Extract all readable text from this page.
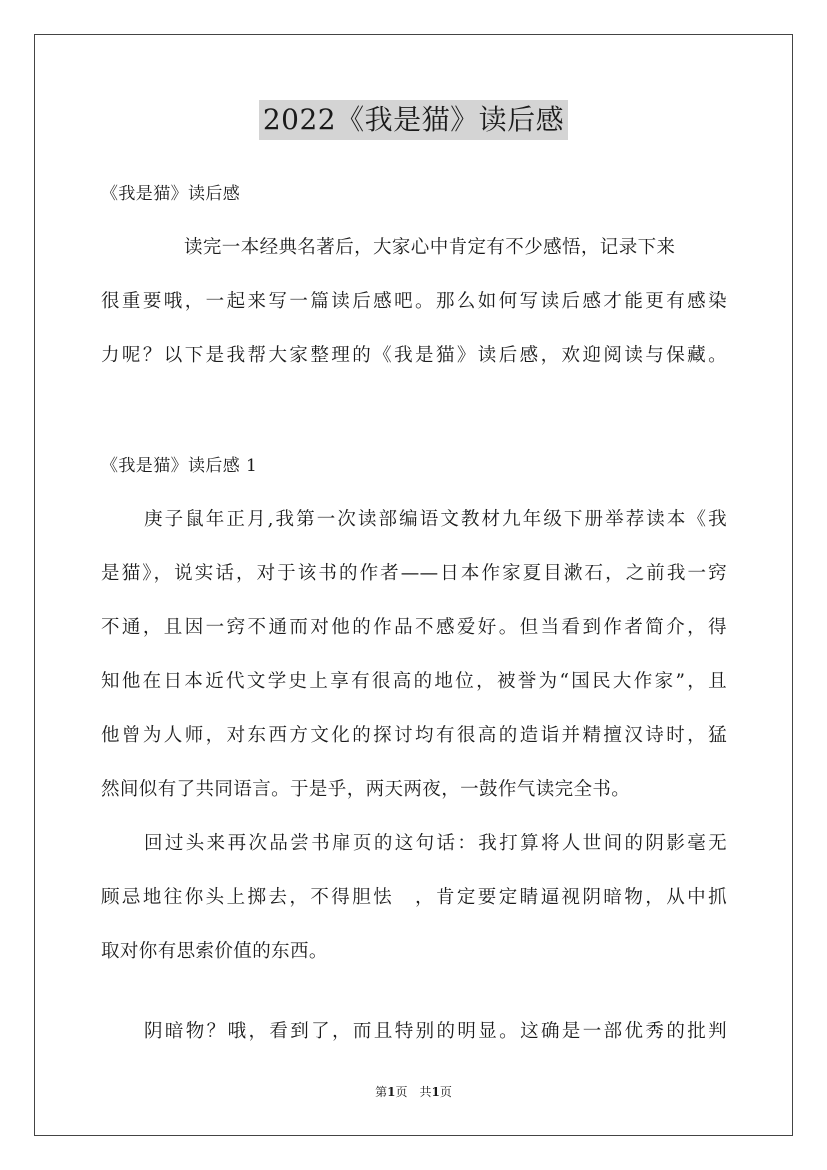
2022《我是猫》读后感
《我是猫》读后感
读完一本经典名著后，大家心中肯定有不少感悟，记录下来
很重要哦，一起来写一篇读后感吧。那么如何写读后感才能更有感染
力呢？以下是我帮大家整理的《我是猫》读后感，欢迎阅读与保藏。
《我是猫》读后感 1
庚子鼠年正月,我第一次读部编语文教材九年级下册举荐读本《我
是猫》，说实话，对于该书的作者——日本作家夏目漱石，之前我一窍
不通，且因一窍不通而对他的作品不感爱好。但当看到作者简介，得
知他在日本近代文学史上享有很高的地位，被誉为“国民大作家”，且
他曾为人师，对东西方文化的探讨均有很高的造诣并精擅汉诗时，猛
然间似有了共同语言。于是乎，两天两夜，一鼓作气读完全书。
回过头来再次品尝书扉页的这句话：我打算将人世间的阴影毫无
顾忌地往你头上掷去，不得胆怯　，肯定要定睛逼视阴暗物，从中抓
取对你有思索价值的东西。
阴暗物？哦，看到了，而且特别的明显。这确是一部优秀的批判
第1页　共1页
